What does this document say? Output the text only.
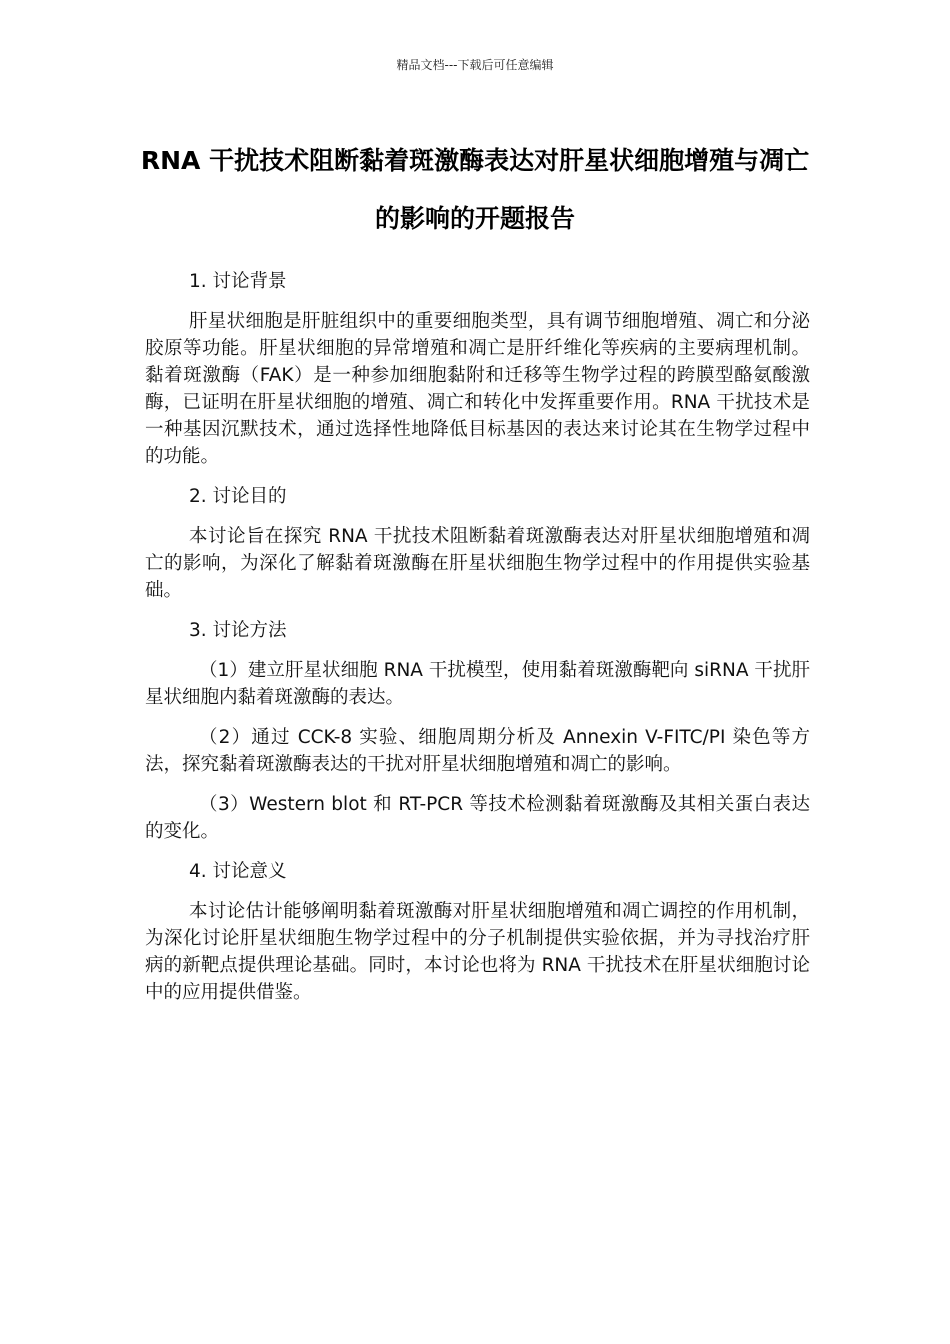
精品文档---下载后可任意编辑
RNA 干扰技术阻断黏着斑激酶表达对肝星状细胞增殖与凋亡的影响的开题报告
1. 讨论背景
肝星状细胞是肝脏组织中的重要细胞类型，具有调节细胞增殖、凋亡和分泌胶原等功能。肝星状细胞的异常增殖和凋亡是肝纤维化等疾病的主要病理机制。黏着斑激酶（FAK）是一种参加细胞黏附和迁移等生物学过程的跨膜型酪氨酸激酶，已证明在肝星状细胞的增殖、凋亡和转化中发挥重要作用。RNA 干扰技术是一种基因沉默技术，通过选择性地降低目标基因的表达来讨论其在生物学过程中的功能。
2. 讨论目的
本讨论旨在探究 RNA 干扰技术阻断黏着斑激酶表达对肝星状细胞增殖和凋亡的影响，为深化了解黏着斑激酶在肝星状细胞生物学过程中的作用提供实验基础。
3. 讨论方法
（1）建立肝星状细胞 RNA 干扰模型，使用黏着斑激酶靶向 siRNA 干扰肝星状细胞内黏着斑激酶的表达。
（2）通过 CCK-8 实验、细胞周期分析及 Annexin V-FITC/PI 染色等方法，探究黏着斑激酶表达的干扰对肝星状细胞增殖和凋亡的影响。
（3）Western blot 和 RT-PCR 等技术检测黏着斑激酶及其相关蛋白表达的变化。
4. 讨论意义
本讨论估计能够阐明黏着斑激酶对肝星状细胞增殖和凋亡调控的作用机制，为深化讨论肝星状细胞生物学过程中的分子机制提供实验依据，并为寻找治疗肝病的新靶点提供理论基础。同时，本讨论也将为 RNA 干扰技术在肝星状细胞讨论中的应用提供借鉴。
